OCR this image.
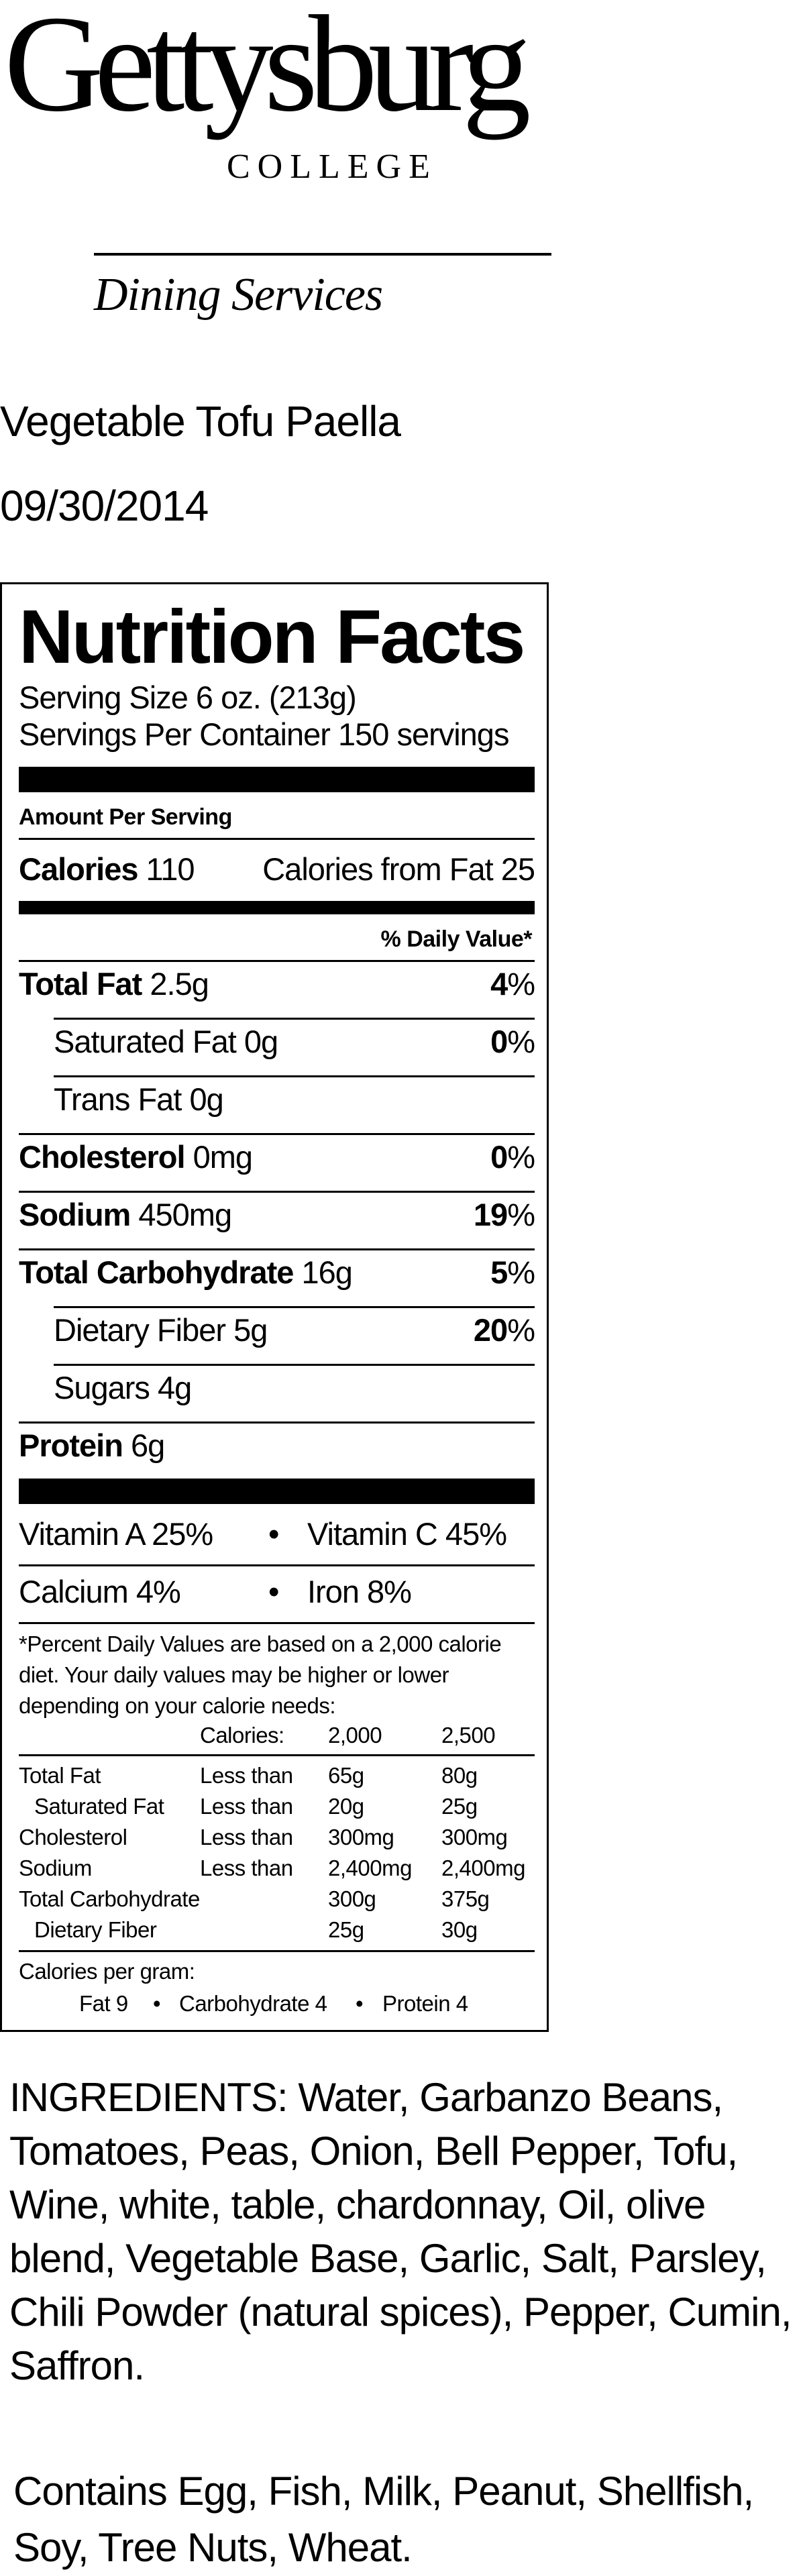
Gettysburg
COLLEGE
Dining Services
Vegetable Tofu Paella
09/30/2014
Nutrition Facts
Serving Size 6 oz. (213g)
Servings Per Container 150 servings
Amount Per Serving
Calories 110 Calories from Fat 25
% Daily Value*
Total Fat 2.5g	4%
Saturated Fat 0g	0%
Trans Fat 0g
Cholesterol 0mg	0%
Sodium 450mg	19%
Total Carbohydrate 16g	5%
Dietary Fiber 5g	20%
Sugars 4g
Protein 6g
Vitamin A 25% • Vitamin C 45%
Calcium 4%	• Iron 8%
*Percent Daily Values are based on a 2,000 calorie
diet. Your daily values may be higher or lower
depending on your calorie needs:
Calories: 2,000	2,500
Total Fat	Less than 65g	80g
Saturated Fat Less than 20g	25g
Cholesterol	Less than 300mg 300mg
Sodium	Less than 2,400mg 2,400mg
Total Carbohydrate	300g	375g
Dietary Fiber	25g	30g
Calories per gram:
Fat 9 • Carbohydrate 4 • Protein 4
INGREDIENTS: Water, Garbanzo Beans, Tomatoes, Peas, Onion, Bell Pepper, Tofu, Wine, white, table, chardonnay, Oil, olive blend, Vegetable Base, Garlic, Salt, Parsley, Chili Powder (natural spices), Pepper, Cumin, Saffron.
Contains Egg, Fish, Milk, Peanut, Shellfish, Soy, Tree Nuts, Wheat.
